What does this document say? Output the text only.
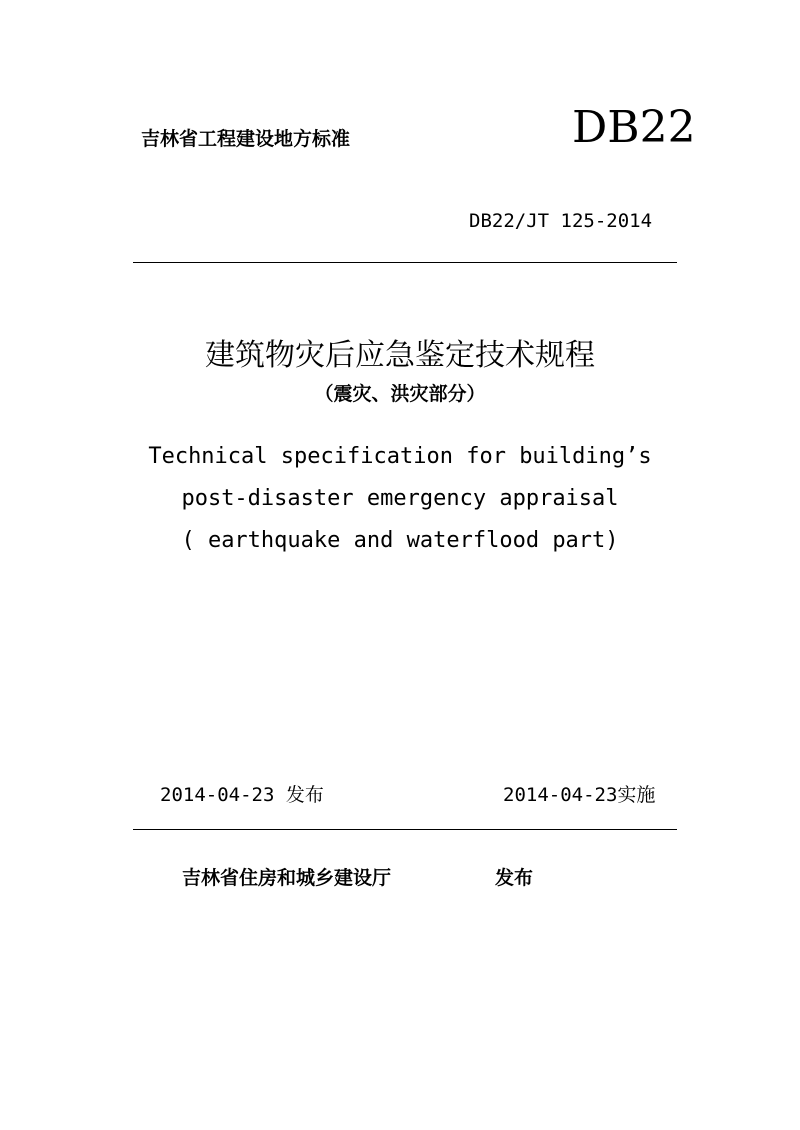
吉林省工程建设地方标准	DB22
DB22/JT 125-2014
建筑物灾后应急鉴定技术规程
（震灾、洪灾部分）
Technical specification for building’s
post-disaster emergency appraisal
( earthquake and waterflood part)
2014-04-23 发布	2014-04-23实施
吉林省住房和城乡建设厅	发布
